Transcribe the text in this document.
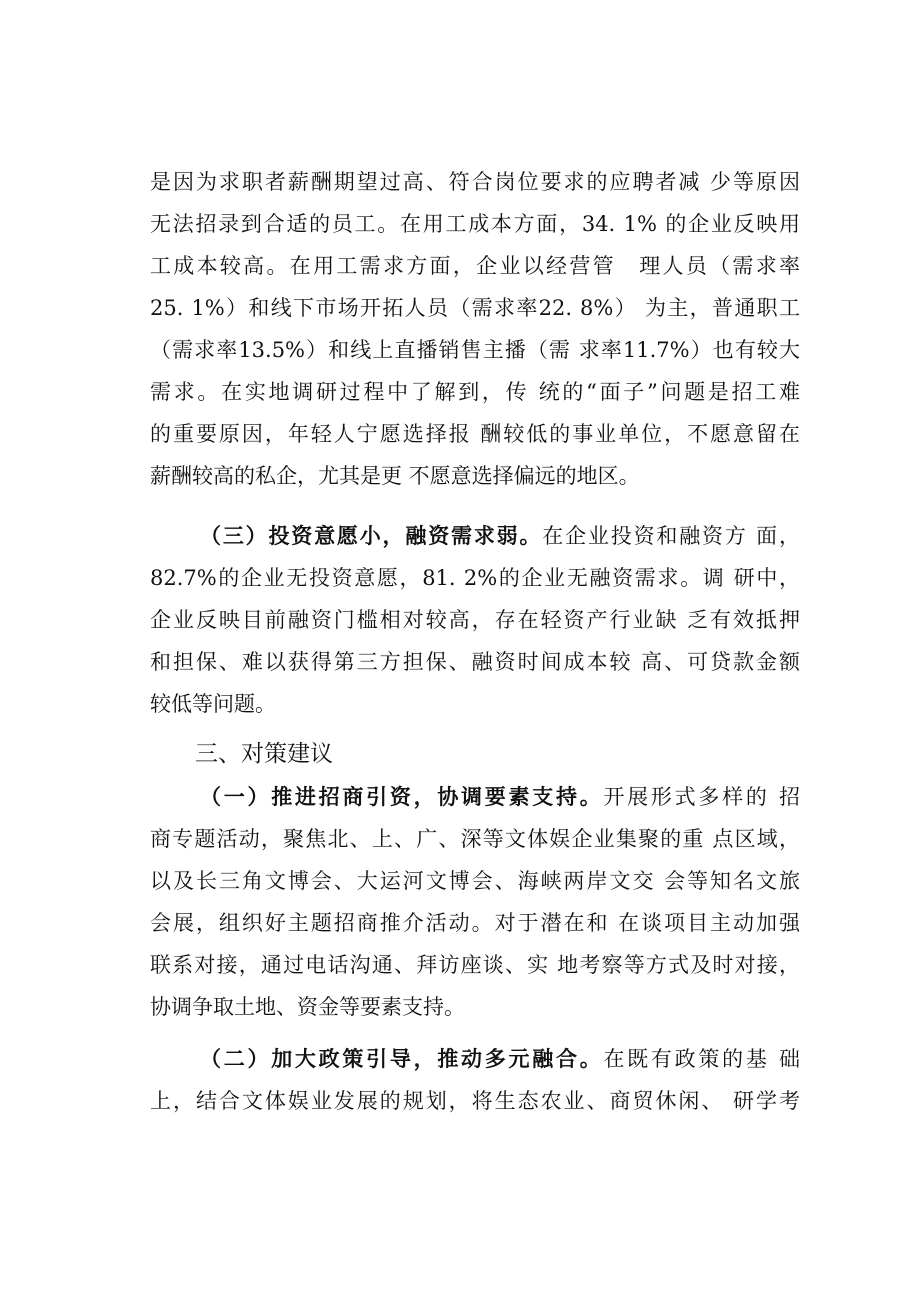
是因为求职者薪酬期望过高、符合岗位要求的应聘者减 少等原因
无法招录到合适的员工。在用工成本方面，34. 1% 的企业反映用
工成本较高。在用工需求方面，企业以经营管　理人员（需求率
25. 1%）和线下市场开拓人员（需求率22. 8%） 为主，普通职工
（需求率13.5%）和线上直播销售主播（需 求率11.7%）也有较大
需求。在实地调研过程中了解到，传 统的“面子”问题是招工难
的重要原因，年轻人宁愿选择报 酬较低的事业单位，不愿意留在
薪酬较高的私企，尤其是更 不愿意选择偏远的地区。
（三）投资意愿小，融资需求弱。在企业投资和融资方 面，
82.7%的企业无投资意愿，81. 2%的企业无融资需求。调 研中，
企业反映目前融资门槛相对较高，存在轻资产行业缺 乏有效抵押
和担保、难以获得第三方担保、融资时间成本较 高、可贷款金额
较低等问题。
三、对策建议
（一）推进招商引资，协调要素支持。开展形式多样的 招
商专题活动，聚焦北、上、广、深等文体娱企业集聚的重 点区域，
以及长三角文博会、大运河文博会、海峡两岸文交 会等知名文旅
会展，组织好主题招商推介活动。对于潜在和 在谈项目主动加强
联系对接，通过电话沟通、拜访座谈、实 地考察等方式及时对接，
协调争取土地、资金等要素支持。
（二）加大政策引导，推动多元融合。在既有政策的基 础
上，结合文体娱业发展的规划，将生态农业、商贸休闲、 研学考
